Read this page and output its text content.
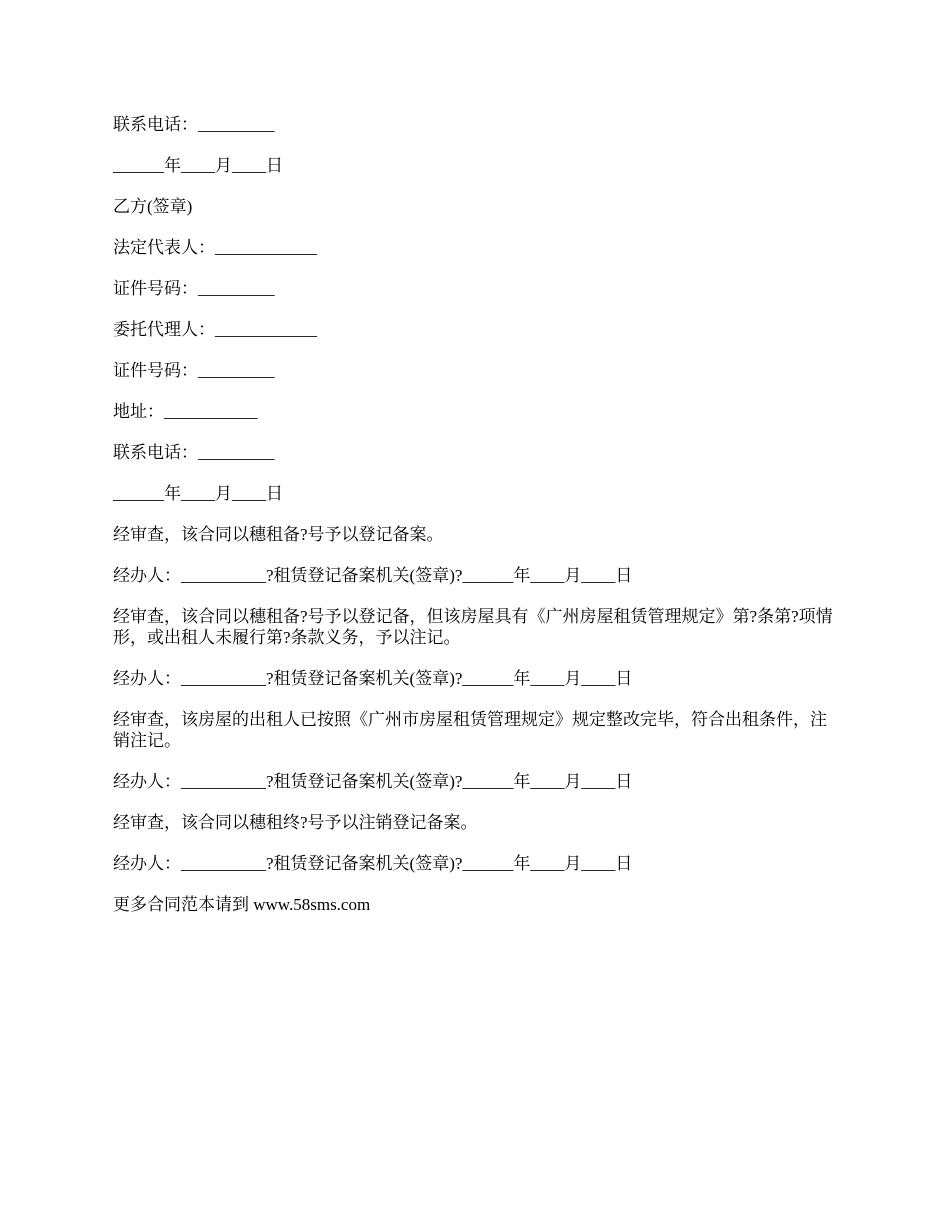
联系电话：_________

______年____月____日

乙方(签章)

法定代表人：____________

证件号码：_________

委托代理人：____________

证件号码：_________

地址：___________

联系电话：_________

______年____月____日

经审查，该合同以穗租备?号予以登记备案。

经办人：__________?租赁登记备案机关(签章)?______年____月____日

经审查，该合同以穗租备?号予以登记备，但该房屋具有《广州房屋租赁管理规定》第?条第?项情形，或出租人未履行第?条款义务，予以注记。

经办人：__________?租赁登记备案机关(签章)?______年____月____日

经审查，该房屋的出租人已按照《广州市房屋租赁管理规定》规定整改完毕，符合出租条件，注销注记。

经办人：__________?租赁登记备案机关(签章)?______年____月____日

经审查，该合同以穗租终?号予以注销登记备案。

经办人：__________?租赁登记备案机关(签章)?______年____月____日

更多合同范本请到 www.58sms.com
